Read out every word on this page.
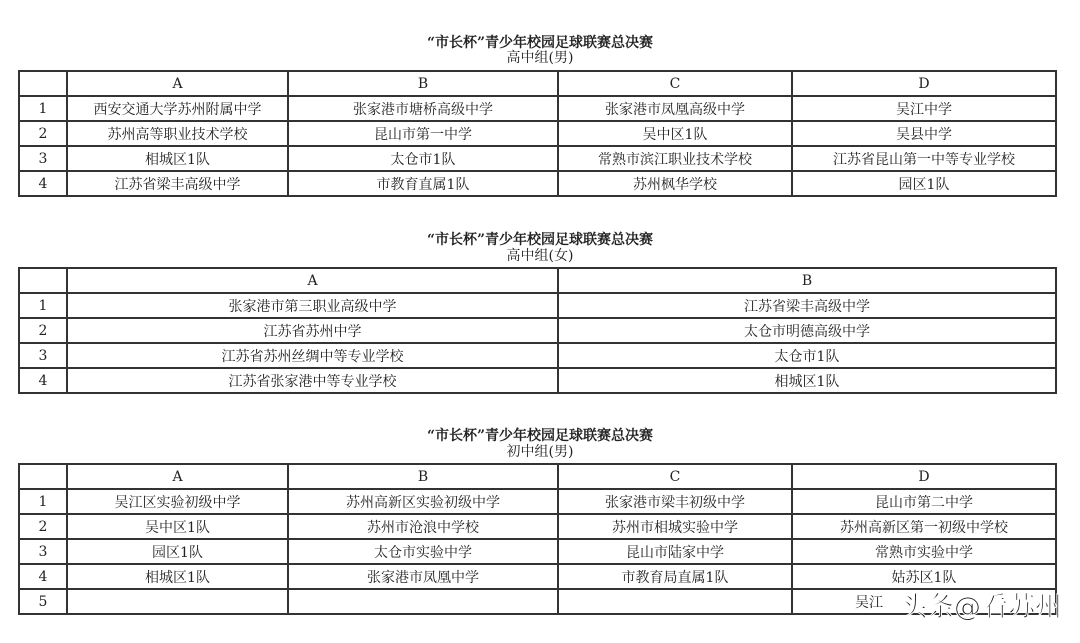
“市长杯”青少年校园足球联赛总决赛
高中组(男)
	A	B	C	D
1	西安交通大学苏州附属中学	张家港市塘桥高级中学	张家港市凤凰高级中学	吴江中学
2	苏州高等职业技术学校	昆山市第一中学	吴中区1队	吴县中学
3	相城区1队	太仓市1队	常熟市滨江职业技术学校	江苏省昆山第一中等专业学校
4	江苏省梁丰高级中学	市教育直属1队	苏州枫华学校	园区1队
“市长杯”青少年校园足球联赛总决赛
高中组(女)
	A	B
1	张家港市第三职业高级中学	江苏省梁丰高级中学
2	江苏省苏州中学	太仓市明德高级中学
3	江苏省苏州丝绸中等专业学校	太仓市1队
4	江苏省张家港中等专业学校	相城区1队
“市长杯”青少年校园足球联赛总决赛
初中组(男)
	A	B	C	D
1	吴江区实验初级中学	苏州高新区实验初级中学	张家港市梁丰初级中学	昆山市第二中学
2	吴中区1队	苏州市沧浪中学校	苏州市相城实验中学	苏州高新区第一初级中学校
3	园区1队	太仓市实验中学	昆山市陆家中学	常熟市实验中学
4	相城区1队	张家港市凤凰中学	市教育局直属1队	姑苏区1队
5				吴江 头条@看苏州
